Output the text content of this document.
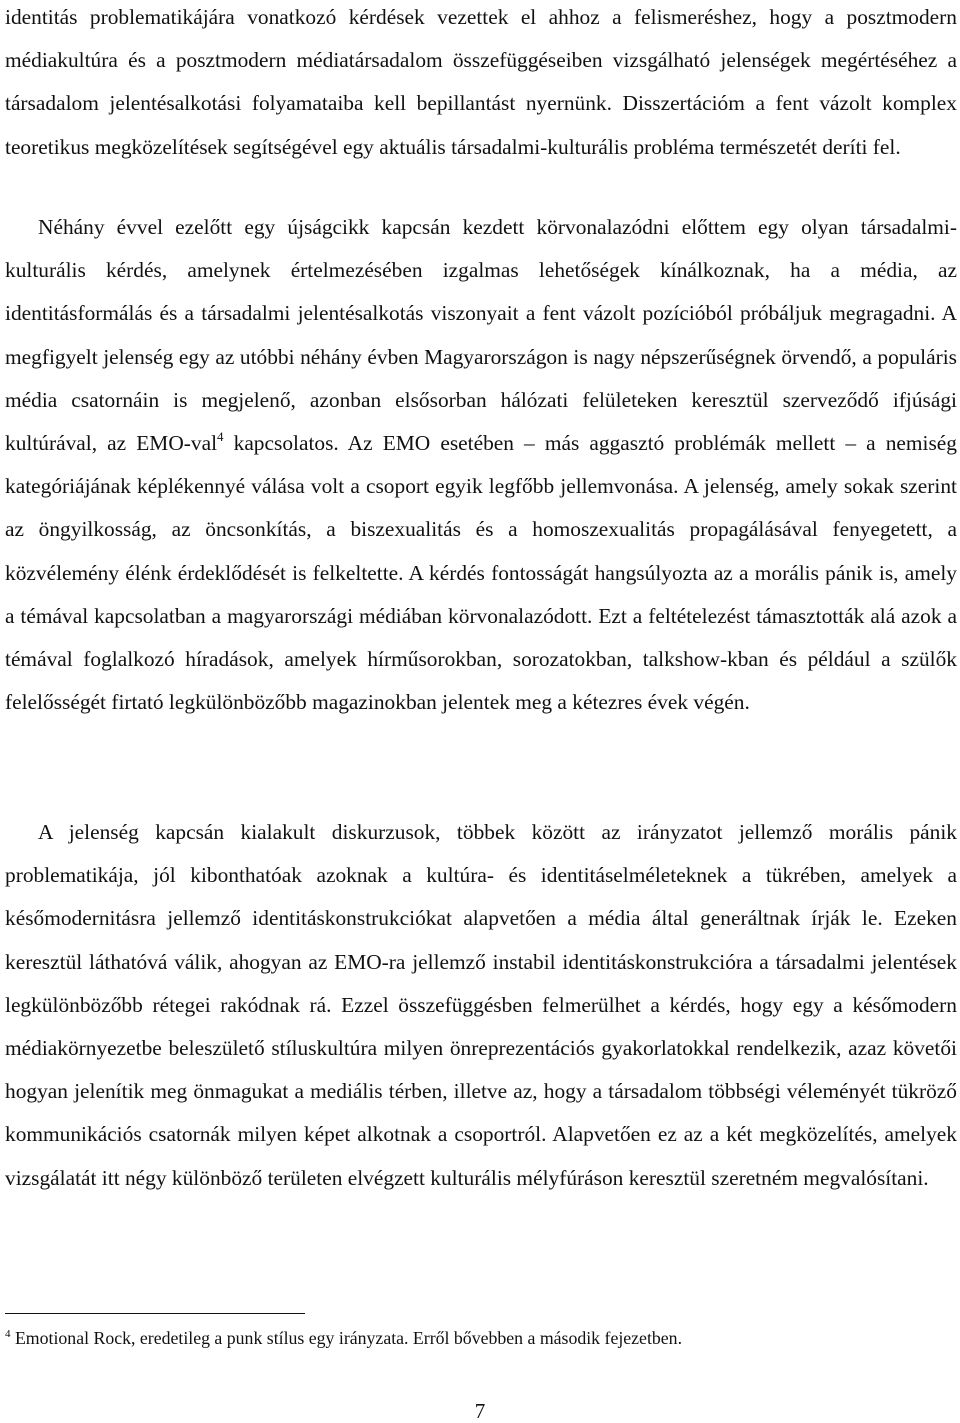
identitás problematikájára vonatkozó kérdések vezettek el ahhoz a felismeréshez, hogy a posztmodern médiakultúra és a posztmodern médiatársadalom összefüggéseiben vizsgálható jelenségek megértéséhez a társadalom jelentésalkotási folyamataiba kell bepillantást nyernünk. Disszertációm a fent vázolt komplex teoretikus megközelítések segítségével egy aktuális társadalmi-kulturális probléma természetét deríti fel.

Néhány évvel ezelőtt egy újságcikk kapcsán kezdett körvonalazódni előttem egy olyan társadalmi-kulturális kérdés, amelynek értelmezésében izgalmas lehetőségek kínálkoznak, ha a média, az identitásformálás és a társadalmi jelentésalkotás viszonyait a fent vázolt pozícióból próbáljuk megragadni. A megfigyelt jelenség egy az utóbbi néhány évben Magyarországon is nagy népszerűségnek örvendő, a populáris média csatornáin is megjelenő, azonban elsősorban hálózati felületeken keresztül szerveződő ifjúsági kultúrával, az EMO-val$^4$ kapcsolatos. Az EMO esetében – más aggasztó problémák mellett – a nemiség kategóriájának képlékennyé válása volt a csoport egyik legfőbb jellemvonása. A jelenség, amely sokak szerint az öngyilkosság, az öncsonkítás, a biszexualitás és a homoszexualitás propagálásával fenyegetett, a közvélemény élénk érdeklődését is felkeltette. A kérdés fontosságát hangsúlyozta az a morális pánik is, amely a témával kapcsolatban a magyarországi médiában körvonalazódott. Ezt a feltételezést támasztották alá azok a témával foglalkozó híradások, amelyek hírműsorokban, sorozatokban, talkshow-kban és például a szülők felelősségét firtató legkülönbözőbb magazinokban jelentek meg a kétezres évek végén.

A jelenség kapcsán kialakult diskurzusok, többek között az irányzatot jellemző morális pánik problematikája, jól kibonthatóak azoknak a kultúra- és identitáselméleteknek a tükrében, amelyek a későmodernitásra jellemző identitáskonstrukciókat alapvetően a média által generáltnak írják le. Ezeken keresztül láthatóvá válik, ahogyan az EMO-ra jellemző instabil identitáskonstrukcióra a társadalmi jelentések legkülönbözőbb rétegei rakódnak rá. Ezzel összefüggésben felmerülhet a kérdés, hogy egy a későmodern médiakörnyezetbe beleszülető stíluskultúra milyen önreprezentációs gyakorlatokkal rendelkezik, azaz követői hogyan jelenítik meg önmagukat a mediális térben, illetve az, hogy a társadalom többségi véleményét tükröző kommunikációs csatornák milyen képet alkotnak a csoportról. Alapvetően ez az a két megközelítés, amelyek vizsgálatát itt négy különböző területen elvégzett kulturális mélyfúráson keresztül szeretném megvalósítani.

$^4$ Emotional Rock, eredetileg a punk stílus egy irányzata. Erről bővebben a második fejezetben.

7
